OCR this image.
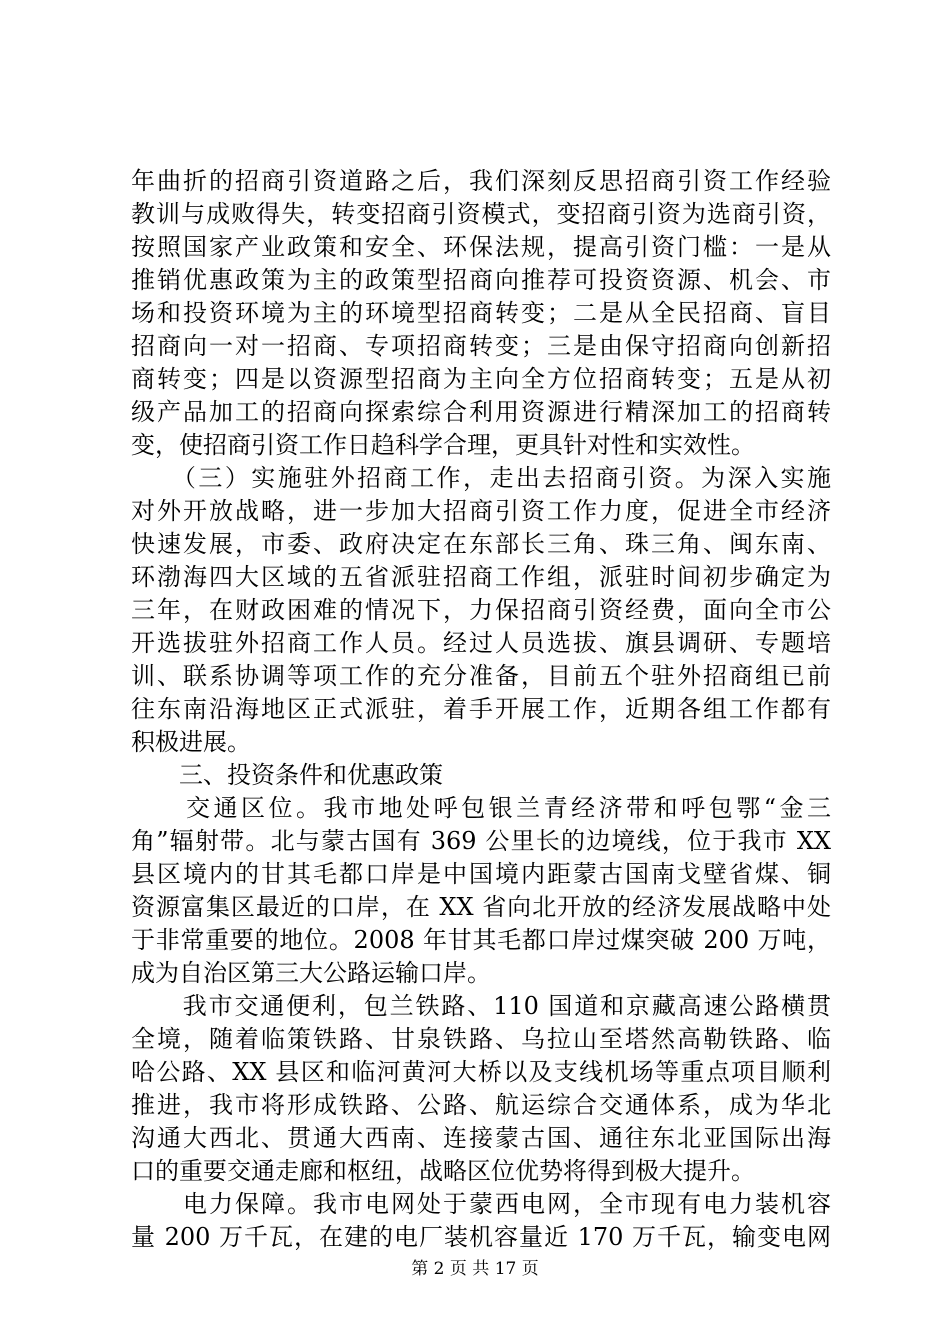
年曲折的招商引资道路之后，我们深刻反思招商引资工作经验
教训与成败得失，转变招商引资模式，变招商引资为选商引资，
按照国家产业政策和安全、环保法规，提高引资门槛：一是从
推销优惠政策为主的政策型招商向推荐可投资资源、机会、市
场和投资环境为主的环境型招商转变；二是从全民招商、盲目
招商向一对一招商、专项招商转变；三是由保守招商向创新招
商转变；四是以资源型招商为主向全方位招商转变；五是从初
级产品加工的招商向探索综合利用资源进行精深加工的招商转
变，使招商引资工作日趋科学合理，更具针对性和实效性。
　　（三）实施驻外招商工作，走出去招商引资。为深入实施
对外开放战略，进一步加大招商引资工作力度，促进全市经济
快速发展，市委、政府决定在东部长三角、珠三角、闽东南、
环渤海四大区域的五省派驻招商工作组，派驻时间初步确定为
三年，在财政困难的情况下，力保招商引资经费，面向全市公
开选拔驻外招商工作人员。经过人员选拔、旗县调研、专题培
训、联系协调等项工作的充分准备，目前五个驻外招商组已前
往东南沿海地区正式派驻，着手开展工作，近期各组工作都有
积极进展。
　　三、投资条件和优惠政策
　　交通区位。我市地处呼包银兰青经济带和呼包鄂“金三
角”辐射带。北与蒙古国有 369 公里长的边境线，位于我市 XX
县区境内的甘其毛都口岸是中国境内距蒙古国南戈壁省煤、铜
资源富集区最近的口岸，在 XX 省向北开放的经济发展战略中处
于非常重要的地位。2008 年甘其毛都口岸过煤突破 200 万吨，
成为自治区第三大公路运输口岸。
　　我市交通便利，包兰铁路、110 国道和京藏高速公路横贯
全境，随着临策铁路、甘泉铁路、乌拉山至塔然高勒铁路、临
哈公路、XX 县区和临河黄河大桥以及支线机场等重点项目顺利
推进，我市将形成铁路、公路、航运综合交通体系，成为华北
沟通大西北、贯通大西南、连接蒙古国、通往东北亚国际出海
口的重要交通走廊和枢纽，战略区位优势将得到极大提升。
　　电力保障。我市电网处于蒙西电网，全市现有电力装机容
量 200 万千瓦，在建的电厂装机容量近 170 万千瓦，输变电网
第 2 页 共 17 页
